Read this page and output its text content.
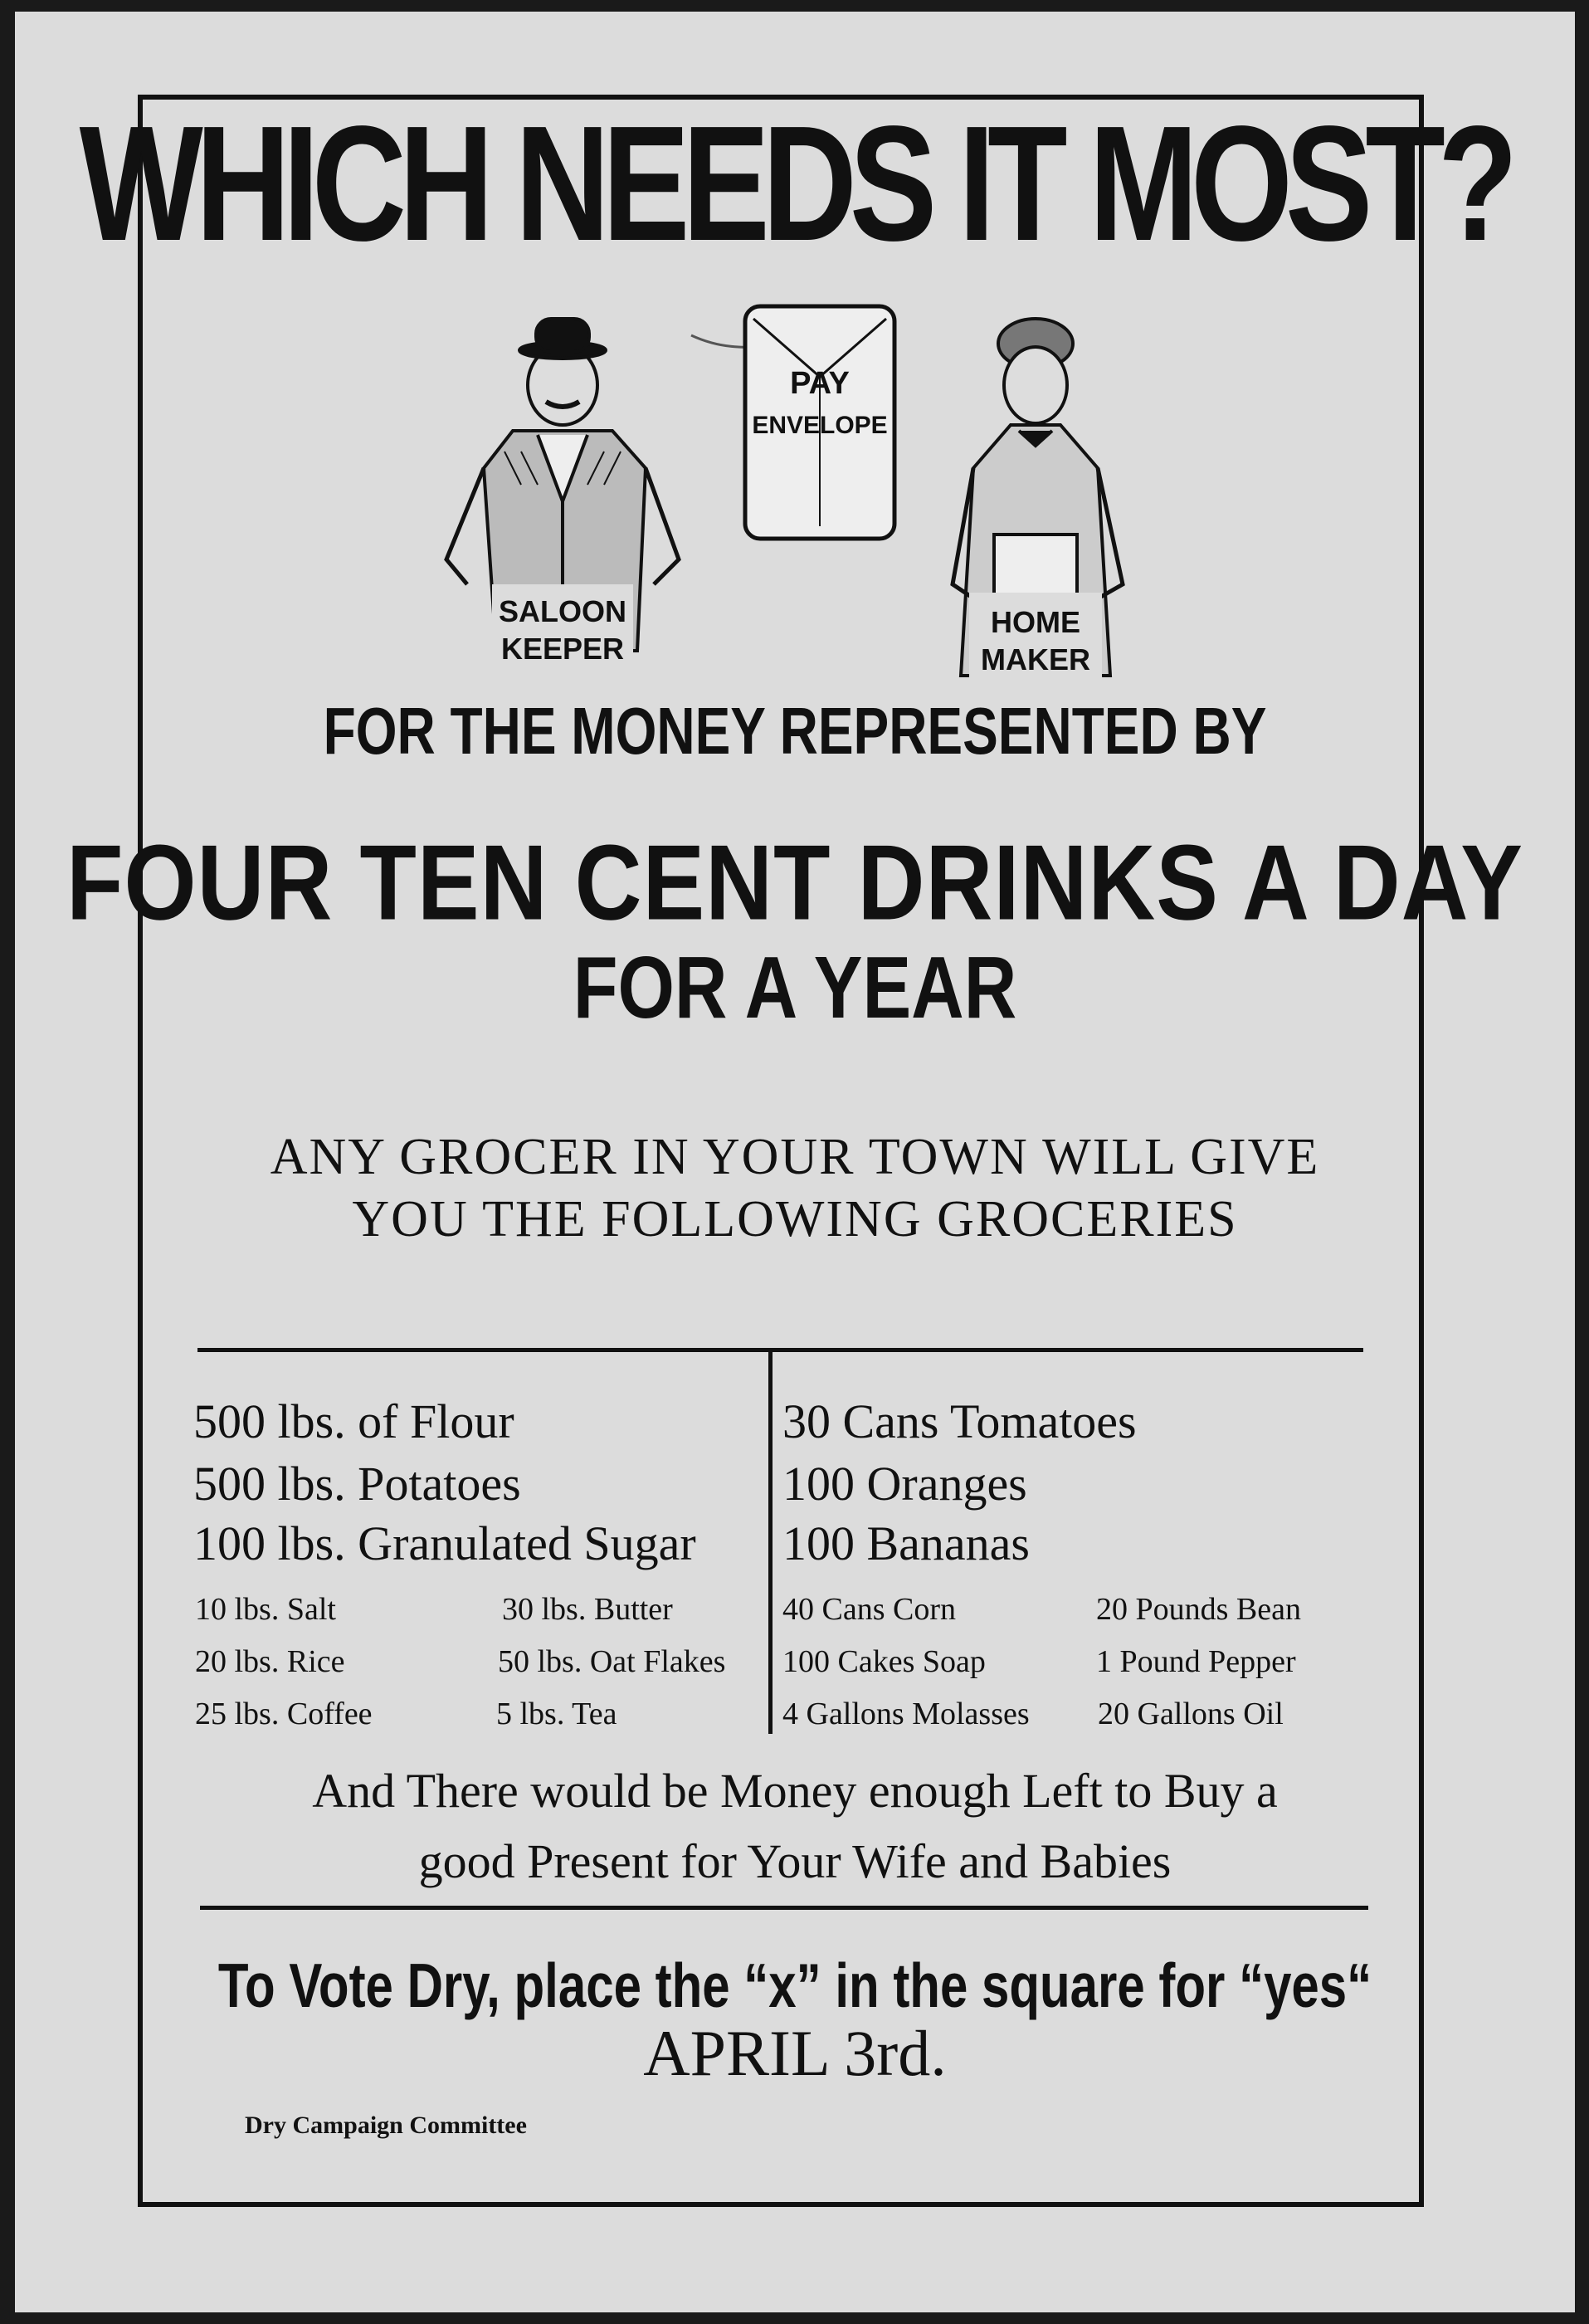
WHICH NEEDS IT MOST?
SALOON
KEEPER
PAY
ENVELOPE
HOME
MAKER
FOR THE MONEY REPRESENTED BY
FOUR TEN CENT DRINKS A DAY
FOR A YEAR
ANY GROCER IN YOUR TOWN WILL GIVE
YOU THE FOLLOWING GROCERIES
500 lbs. of Flour
500 lbs. Potatoes
100 lbs. Granulated Sugar
10 lbs. Salt
20 lbs. Rice
25 lbs. Coffee
30 lbs. Butter
50 lbs. Oat Flakes
5 lbs. Tea
30 Cans Tomatoes
100 Oranges
100 Bananas
40 Cans Corn
100 Cakes Soap
4 Gallons Molasses
20 Pounds Bean
1 Pound Pepper
20 Gallons Oil
And There would be Money enough Left to Buy a
good Present for Your Wife and Babies
To Vote Dry, place the “x” in the square for “yes“
APRIL 3rd.
Dry Campaign Committee
